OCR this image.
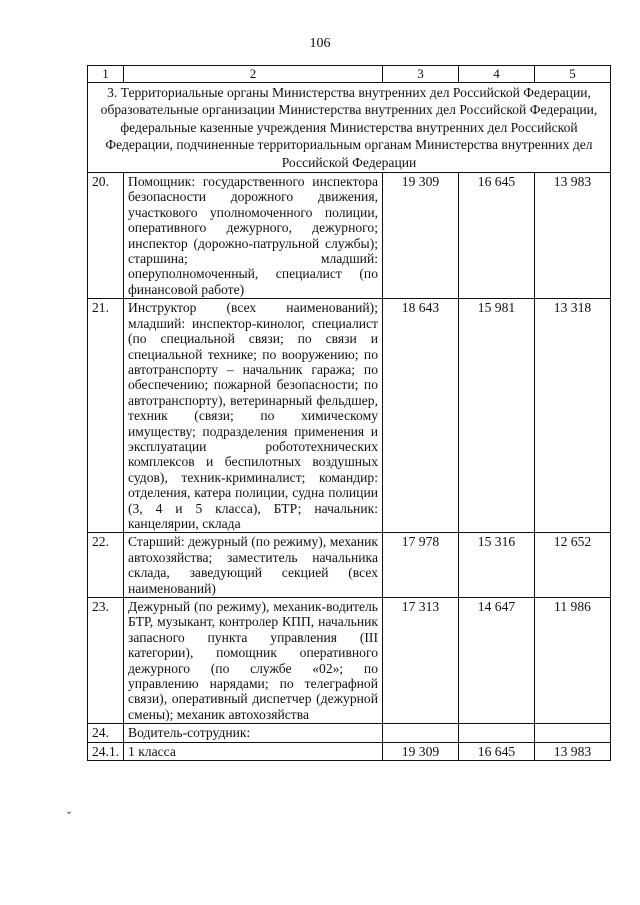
106
1	2	3	4	5
3. Территориальные органы Министерства внутренних дел Российской Федерации, образовательные организации Министерства внутренних дел Российской Федерации, федеральные казенные учреждения Министерства внутренних дел Российской Федерации, подчиненные территориальным органам Министерства внутренних дел Российской Федерации				
20.	Помощник: государственного инспектора безопасности дорожного движения, участкового уполномоченного полиции, оперативного дежурного, дежурного; инспектор (дорожно-патрульной службы); старшина; младший: оперуполномоченный, специалист (по финансовой работе)	19 309	16 645	13 983
21.	Инструктор (всех наименований); младший: инспектор-кинолог, специалист (по специальной связи; по связи и специальной технике; по вооружению; по автотранспорту – начальник гаража; по обеспечению; пожарной безопасности; по автотранспорту), ветеринарный фельдшер, техник (связи; по химическому имуществу; подразделения применения и эксплуатации робототехнических комплексов и беспилотных воздушных судов), техник-криминалист; командир: отделения, катера полиции, судна полиции (3, 4 и 5 класса), БТР; начальник: канцелярии, склада	18 643	15 981	13 318
22.	Старший: дежурный (по режиму), механик автохозяйства; заместитель начальника склада, заведующий секцией (всех наименований)	17 978	15 316	12 652
23.	Дежурный (по режиму), механик-водитель БТР, музыкант, контролер КПП, начальник запасного пункта управления (III категории), помощник оперативного дежурного (по службе «02»; по управлению нарядами; по телеграфной связи), оперативный диспетчер (дежурной смены); механик автохозяйства	17 313	14 647	11 986
24.	Водитель-сотрудник:			
24.1.	1 класса	19 309	16 645	13 983
ˇ
